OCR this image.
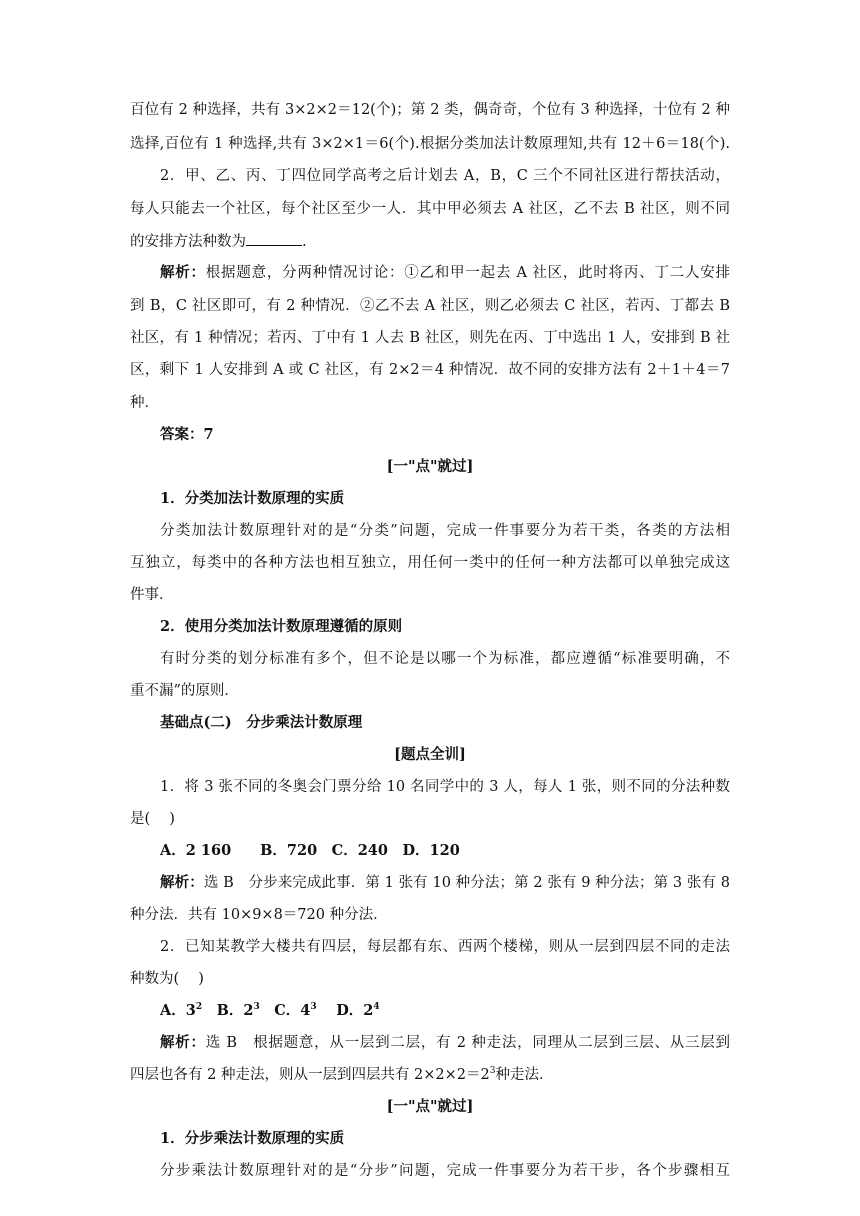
百位有 2 种选择，共有 3×2×2＝12(个)；第 2 类，偶奇奇，个位有 3 种选择，十位有 2 种
选择,百位有 1 种选择,共有 3×2×1＝6(个).根据分类加法计数原理知,共有 12＋6＝18(个).
2．甲、乙、丙、丁四位同学高考之后计划去 A，B，C 三个不同社区进行帮扶活动，
每人只能去一个社区，每个社区至少一人．其中甲必须去 A 社区，乙不去 B 社区，则不同
的安排方法种数为	.
解析：根据题意，分两种情况讨论：①乙和甲一起去 A 社区，此时将丙、丁二人安排
到 B，C 社区即可，有 2 种情况．②乙不去 A 社区，则乙必须去 C 社区，若丙、丁都去 B
社区，有 1 种情况；若丙、丁中有 1 人去 B 社区，则先在丙、丁中选出 1 人，安排到 B 社
区，剩下 1 人安排到 A 或 C 社区，有 2×2＝4 种情况．故不同的安排方法有 2＋1＋4＝7
种．
答案：7
[一"点"就过]
1．分类加法计数原理的实质
分类加法计数原理针对的是“分类”问题，完成一件事要分为若干类，各类的方法相
互独立，每类中的各种方法也相互独立，用任何一类中的任何一种方法都可以单独完成这
件事．
2．使用分类加法计数原理遵循的原则
有时分类的划分标准有多个，但不论是以哪一个为标准，都应遵循“标准要明确，不
重不漏”的原则．
基础点(二)　分步乘法计数原理
[题点全训]
1．将 3 张不同的冬奥会门票分给 10 名同学中的 3 人，每人 1 张，则不同的分法种数
是(　 )
A．2 160　　B．720　C．240　D．120
解析：选 B　分步来完成此事．第 1 张有 10 种分法；第 2 张有 9 种分法；第 3 张有 8
种分法．共有 10×9×8＝720 种分法．
2．已知某教学大楼共有四层，每层都有东、西两个楼梯，则从一层到四层不同的走法
种数为(　 )
A．$3^2$　B．$2^3$　C．$4^3$　 D．$2^4$
解析：选 B　根据题意，从一层到二层，有 2 种走法，同理从二层到三层、从三层到
四层也各有 2 种走法，则从一层到四层共有 $2\times 2\times 2=2^3$种走法．
[一"点"就过]
1．分步乘法计数原理的实质
分步乘法计数原理针对的是“分步”问题，完成一件事要分为若干步，各个步骤相互
